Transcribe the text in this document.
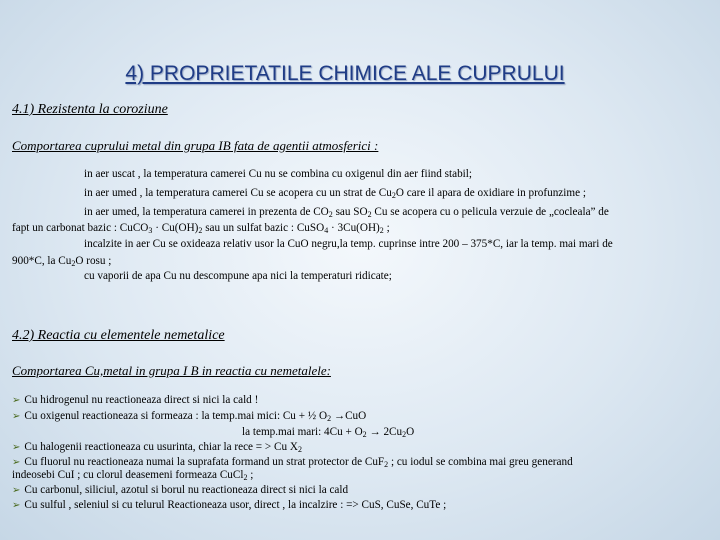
4) PROPRIETATILE CHIMICE ALE CUPRULUI
4.1) Rezistenta la coroziune
Comportarea cuprului metal din grupa IB fata de agentii atmosferici :
in aer uscat , la temperatura camerei Cu nu se combina cu oxigenul din aer fiind stabil;
in aer umed , la temperatura camerei Cu se acopera cu un strat de $Cu_2O$ care il apara de oxidiare in profunzime ;
in aer umed, la temperatura camerei in prezenta de $CO_2$ sau $SO_2$ Cu se acopera cu o pelicula verzuie de „cocleala” de
fapt un carbonat bazic : CuCO$_3$ · $Cu(OH)_2$ sau un sulfat bazic : CuSO$_4$ · $3Cu(OH)_2$ ;
incalzite in aer Cu se oxideaza relativ usor la CuO negru,la temp. cuprinse intre 200 – 375*C, iar la temp. mai mari de
900*C, la $Cu_2O$ rosu ;
cu vaporii de apa Cu nu descompune apa nici la temperaturi ridicate;
4.2) Reactia cu elementele nemetalice
Comportarea Cu,metal in grupa I B in reactia cu nemetalele:
➢ Cu hidrogenul nu reactioneaza direct si nici la cald !
➢ Cu oxigenul reactioneaza si formeaza : la temp.mai mici: Cu + ½ $O_2 \to CuO$
la temp.mai mari: $4Cu + O_2 \to 2Cu_2O$
➢ Cu halogenii reactioneaza cu usurinta, chiar la rece = > Cu $X_2$
➢ Cu fluorul nu reactioneaza numai la suprafata formand un strat protector de CuF$_2$ ; cu iodul se combina mai greu generand
indeosebi CuI ; cu clorul deasemeni formeaza CuCl$_2$ ;
➢ Cu carbonul, siliciul, azotul si borul nu reactioneaza direct si nici la cald
➢ Cu sulful , seleniul si cu telurul Reactioneaza usor, direct , la incalzire : => CuS, CuSe, CuTe ;
